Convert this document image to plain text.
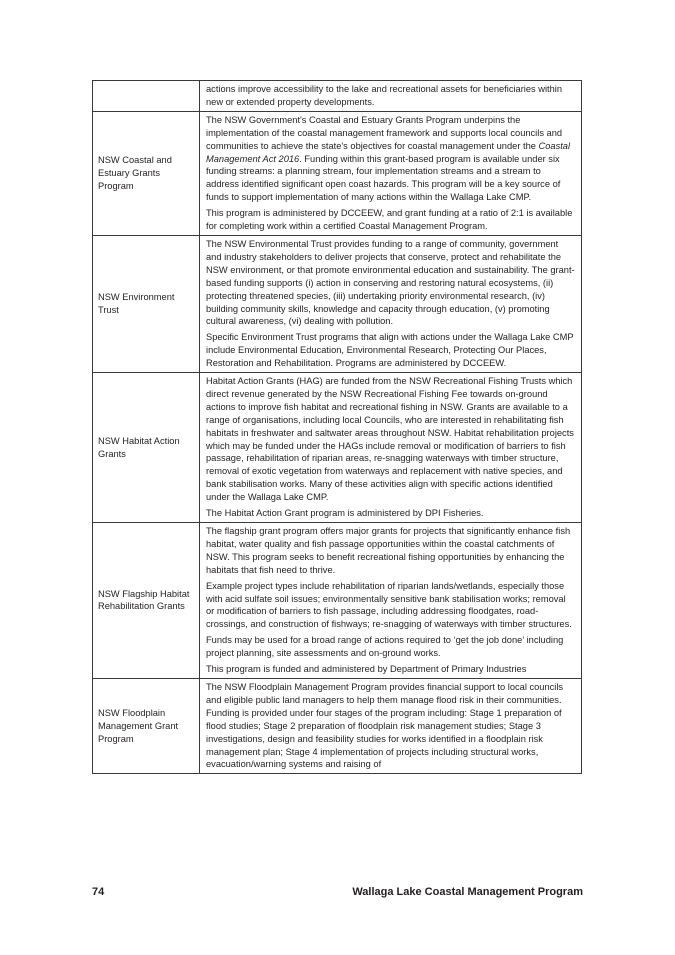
	actions improve accessibility to the lake and recreational assets for beneficiaries within new or extended property developments.

NSW Coastal and Estuary Grants Program	The NSW Government's Coastal and Estuary Grants Program underpins the implementation of the coastal management framework and supports local councils and communities to achieve the state's objectives for coastal management under the Coastal Management Act 2016. Funding within this grant-based program is available under six funding streams: a planning stream, four implementation streams and a stream to address identified significant open coast hazards. This program will be a key source of funds to support implementation of many actions within the Wallaga Lake CMP.

This program is administered by DCCEEW, and grant funding at a ratio of 2:1 is available for completing work within a certified Coastal Management Program.

NSW Environment Trust	The NSW Environmental Trust provides funding to a range of community, government and industry stakeholders to deliver projects that conserve, protect and rehabilitate the NSW environment, or that promote environmental education and sustainability. The grant-based funding supports (i) action in conserving and restoring natural ecosystems, (ii) protecting threatened species, (iii) undertaking priority environmental research, (iv) building community skills, knowledge and capacity through education, (v) promoting cultural awareness, (vi) dealing with pollution.

Specific Environment Trust programs that align with actions under the Wallaga Lake CMP include Environmental Education, Environmental Research, Protecting Our Places, Restoration and Rehabilitation. Programs are administered by DCCEEW.

NSW Habitat Action Grants	Habitat Action Grants (HAG) are funded from the NSW Recreational Fishing Trusts which direct revenue generated by the NSW Recreational Fishing Fee towards on-ground actions to improve fish habitat and recreational fishing in NSW. Grants are available to a range of organisations, including local Councils, who are interested in rehabilitating fish habitats in freshwater and saltwater areas throughout NSW. Habitat rehabilitation projects which may be funded under the HAGs include removal or modification of barriers to fish passage, rehabilitation of riparian areas, re-snagging waterways with timber structure, removal of exotic vegetation from waterways and replacement with native species, and bank stabilisation works. Many of these activities align with specific actions identified under the Wallaga Lake CMP.

The Habitat Action Grant program is administered by DPI Fisheries.

NSW Flagship Habitat Rehabilitation Grants	The flagship grant program offers major grants for projects that significantly enhance fish habitat, water quality and fish passage opportunities within the coastal catchments of NSW. This program seeks to benefit recreational fishing opportunities by enhancing the habitats that fish need to thrive.

Example project types include rehabilitation of riparian lands/wetlands, especially those with acid sulfate soil issues; environmentally sensitive bank stabilisation works; removal or modification of barriers to fish passage, including addressing floodgates, road-crossings, and construction of fishways; re-snagging of waterways with timber structures.

Funds may be used for a broad range of actions required to ‘get the job done’ including project planning, site assessments and on-ground works.

This program is funded and administered by Department of Primary Industries

NSW Floodplain Management Grant Program	The NSW Floodplain Management Program provides financial support to local councils and eligible public land managers to help them manage flood risk in their communities. Funding is provided under four stages of the program including: Stage 1 preparation of flood studies; Stage 2 preparation of floodplain risk management studies; Stage 3 investigations, design and feasibility studies for works identified in a floodplain risk management plan; Stage 4 implementation of projects including structural works, evacuation/warning systems and raising of

74	Wallaga Lake Coastal Management Program
